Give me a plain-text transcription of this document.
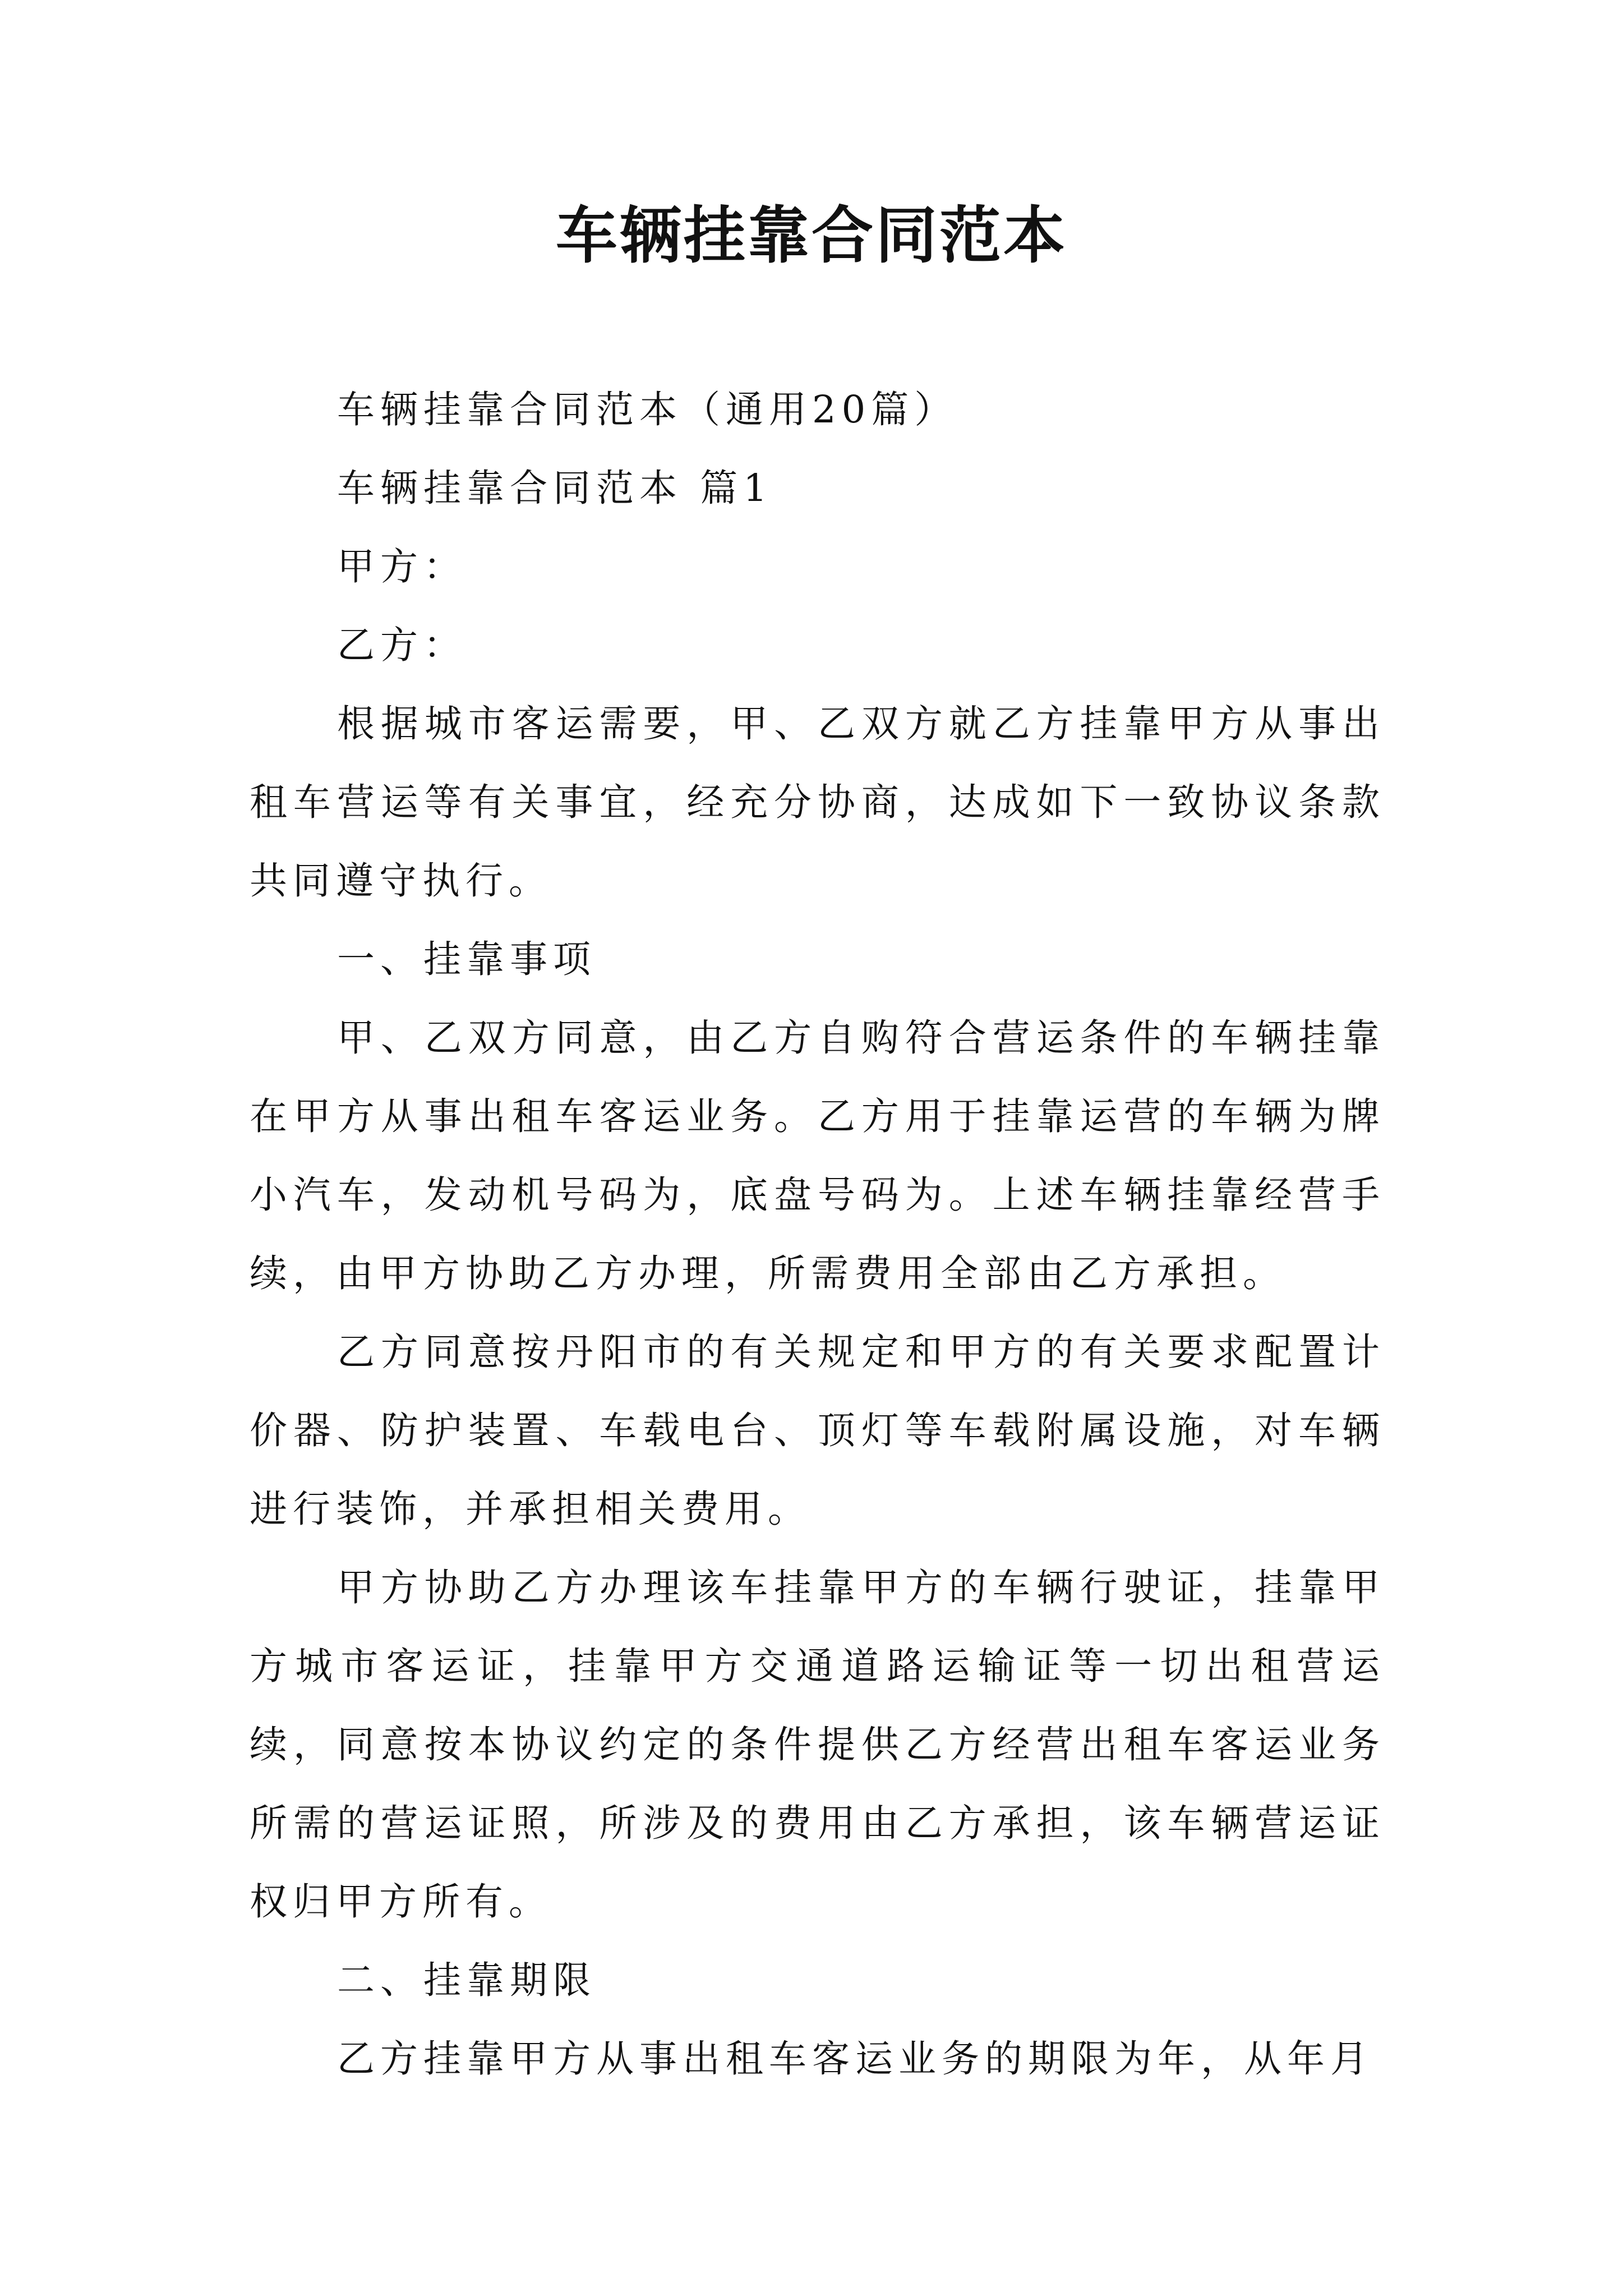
车辆挂靠合同范本

车辆挂靠合同范本（通用20篇）

车辆挂靠合同范本 篇1

甲方：

乙方：

根据城市客运需要，甲、乙双方就乙方挂靠甲方从事出租车营运等有关事宜，经充分协商，达成如下一致协议条款共同遵守执行。

一、挂靠事项

甲、乙双方同意，由乙方自购符合营运条件的车辆挂靠在甲方从事出租车客运业务。乙方用于挂靠运营的车辆为牌小汽车，发动机号码为，底盘号码为。上述车辆挂靠经营手续，由甲方协助乙方办理，所需费用全部由乙方承担。

乙方同意按丹阳市的有关规定和甲方的有关要求配置计价器、防护装置、车载电台、顶灯等车载附属设施，对车辆进行装饰，并承担相关费用。

甲方协助乙方办理该车挂靠甲方的车辆行驶证，挂靠甲方城市客运证，挂靠甲方交通道路运输证等一切出租营运续，同意按本协议约定的条件提供乙方经营出租车客运业务所需的营运证照，所涉及的费用由乙方承担，该车辆营运证权归甲方所有。

二、挂靠期限

乙方挂靠甲方从事出租车客运业务的期限为年，从年月
